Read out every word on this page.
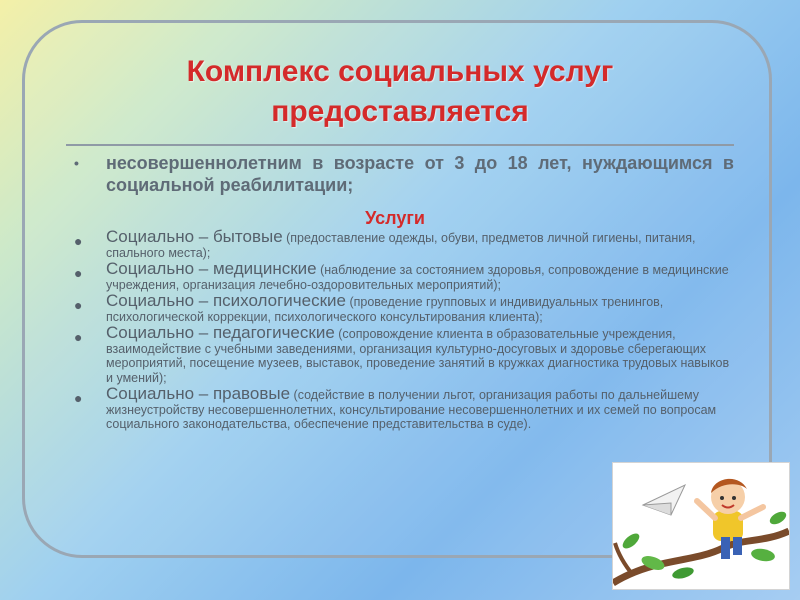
Комплекс социальных услуг
предоставляется
• несовершеннолетним в возрасте от 3 до 18 лет, нуждающимся в социальной реабилитации;
Услуги
● Социально – бытовые (предоставление одежды, обуви, предметов личной гигиены, питания, спального места);
● Социально – медицинские (наблюдение за состоянием здоровья, сопровождение в медицинские учреждения, организация лечебно-оздоровительных мероприятий);
● Социально – психологические (проведение групповых и индивидуальных тренингов, психологической коррекции, психологического консультирования клиента);
● Социально – педагогические (сопровождение клиента в образовательные учреждения, взаимодействие с учебными заведениями, организация культурно-досуговых и здоровье сберегающих мероприятий, посещение музеев, выставок, проведение занятий в кружках диагностика трудовых навыков и умений);
● Социально – правовые (содействие в получении льгот, организация работы по дальнейшему жизнеустройству несовершеннолетних, консультирование несовершеннолетних и их семей по вопросам социального законодательства, обеспечение представительства в суде).
